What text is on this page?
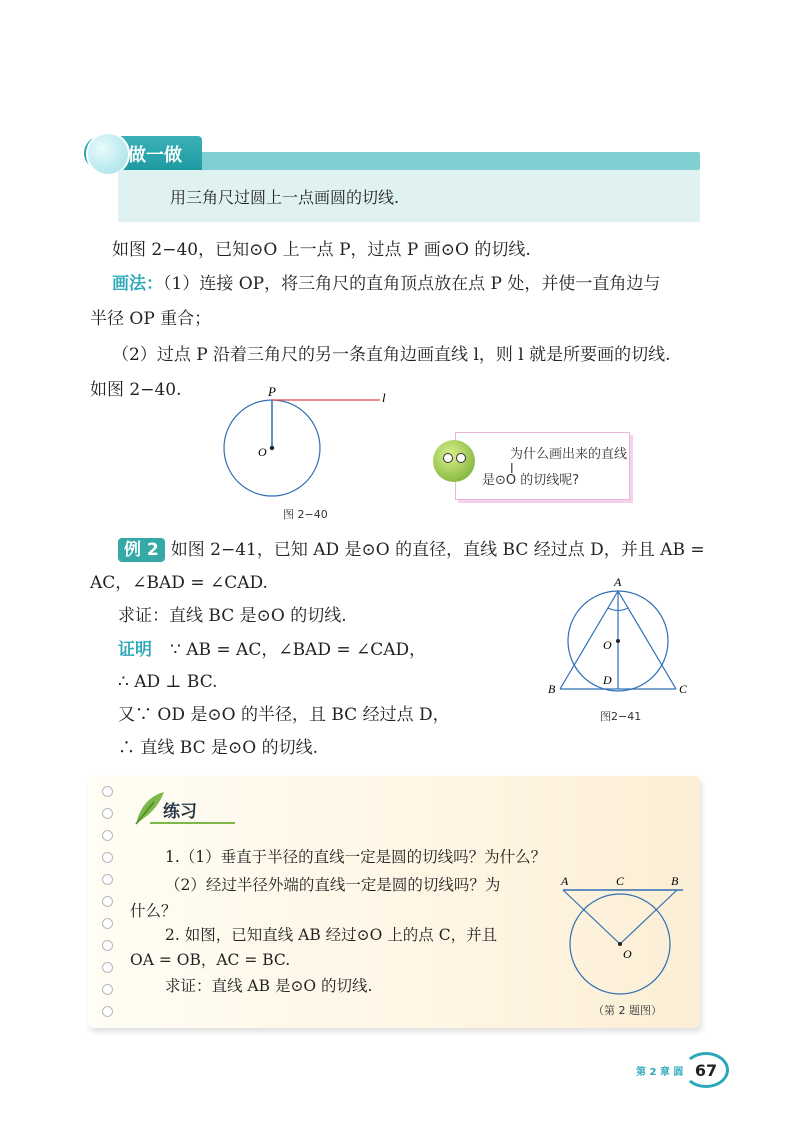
做一做
用三角尺过圆上一点画圆的切线.
如图 2−40，已知⊙O 上一点 P，过点 P 画⊙O 的切线.
画法：（1）连接 OP，将三角尺的直角顶点放在点 P 处，并使一直角边与
半径 OP 重合；
（2）过点 P 沿着三角尺的另一条直角边画直线 l，则 l 就是所要画的切线.
如图 2−40.	P
O
l
图 2−40
为什么画出来的直线 l
是⊙O 的切线呢?
例 2 如图 2−41，已知 AD 是⊙O 的直径，直线 BC 经过点 D，并且 AB =
AC，∠BAD = ∠CAD.
求证：直线 BC 是⊙O 的切线.
证明 ∵ AB = AC，∠BAD = ∠CAD，
∴ AD ⊥ BC.
又∵ OD 是⊙O 的半径，且 BC 经过点 D，
∴ 直线 BC 是⊙O 的切线.
A
O
D
B	C
图2−41
练习
1.（1）垂直于半径的直线一定是圆的切线吗？为什么？
（2）经过半径外端的直线一定是圆的切线吗？为
什么？
2. 如图，已知直线 AB 经过⊙O 上的点 C，并且
OA = OB，AC = BC.
求证：直线 AB 是⊙O 的切线.
A	C	B
O
（第 2 题图）
第 2 章 圆 67
